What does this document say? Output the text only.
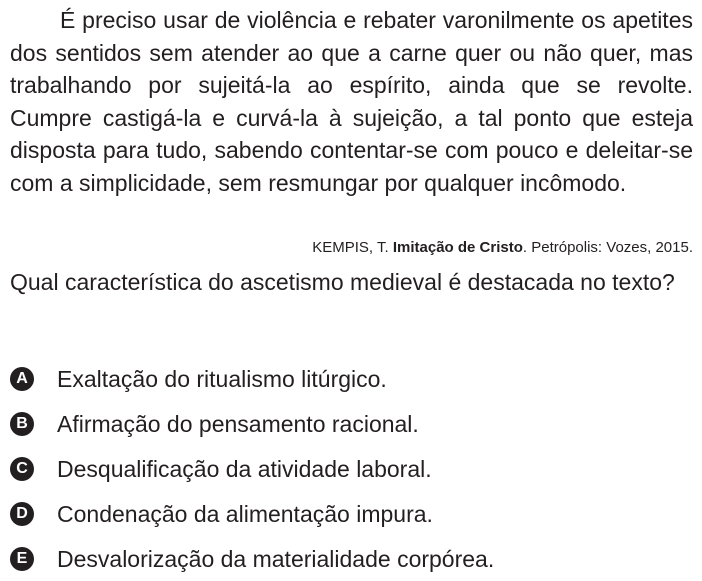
É preciso usar de violência e rebater varonilmente os apetites dos sentidos sem atender ao que a carne quer ou não quer, mas trabalhando por sujeitá-la ao espírito, ainda que se revolte. Cumpre castigá-la e curvá-la à sujeição, a tal ponto que esteja disposta para tudo, sabendo contentar-se com pouco e deleitar-se com a simplicidade, sem resmungar por qualquer incômodo.

KEMPIS, T. Imitação de Cristo. Petrópolis: Vozes, 2015.

Qual característica do ascetismo medieval é destacada no texto?

A Exaltação do ritualismo litúrgico.
B Afirmação do pensamento racional.
C Desqualificação da atividade laboral.
D Condenação da alimentação impura.
E Desvalorização da materialidade corpórea.
